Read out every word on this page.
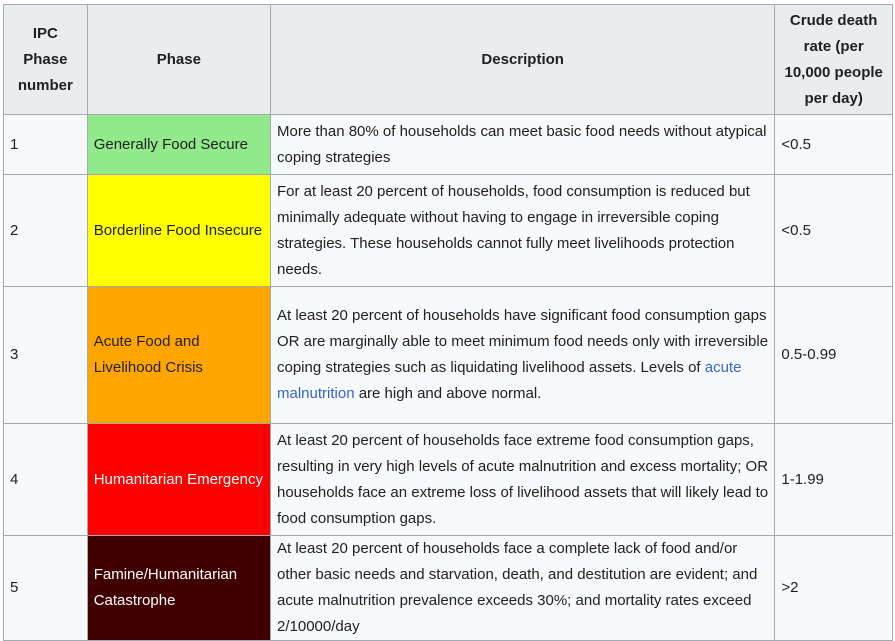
IPC Phase number	Phase	Description	Crude death rate (per 10,000 people per day)
1	Generally Food Secure	More than 80% of households can meet basic food needs without atypical coping strategies	<0.5
2	Borderline Food Insecure	For at least 20 percent of households, food consumption is reduced but minimally adequate without having to engage in irreversible coping strategies. These households cannot fully meet livelihoods protection needs.	<0.5
3	Acute Food and Livelihood Crisis	At least 20 percent of households have significant food consumption gaps OR are marginally able to meet minimum food needs only with irreversible coping strategies such as liquidating livelihood assets. Levels of acute malnutrition are high and above normal.	0.5-0.99
4	Humanitarian Emergency	At least 20 percent of households face extreme food consumption gaps, resulting in very high levels of acute malnutrition and excess mortality; OR households face an extreme loss of livelihood assets that will likely lead to food consumption gaps.	1-1.99
5	Famine/Humanitarian Catastrophe	At least 20 percent of households face a complete lack of food and/or other basic needs and starvation, death, and destitution are evident; and acute malnutrition prevalence exceeds 30%; and mortality rates exceed 2/10000/day	>2
